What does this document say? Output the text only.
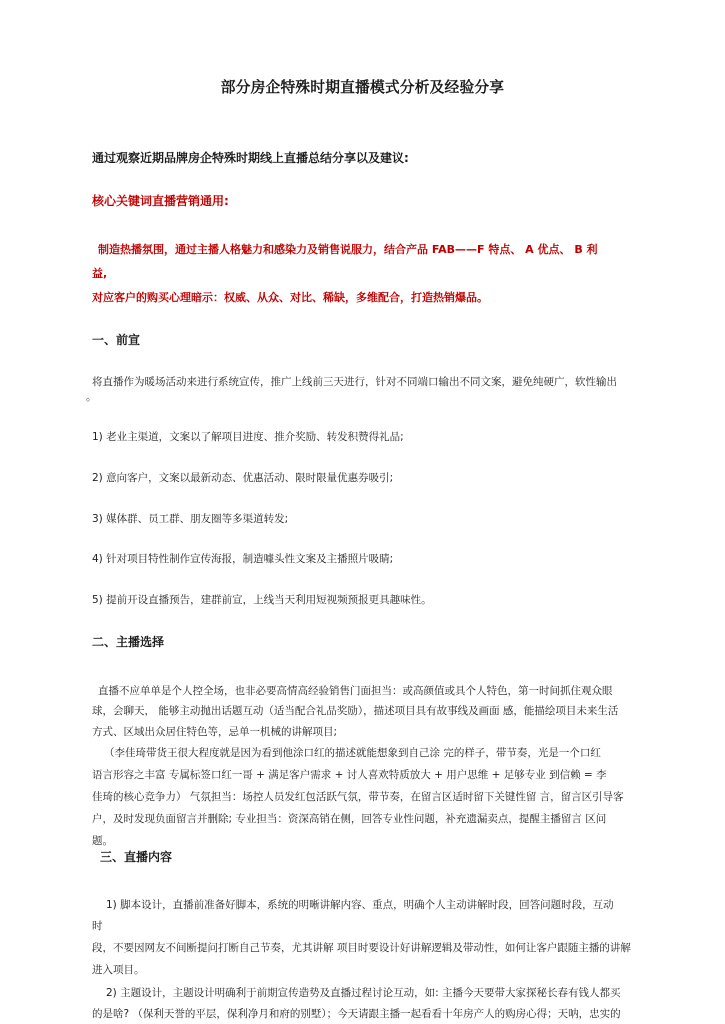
部分房企特殊时期直播模式分析及经验分享
通过观察近期品牌房企特殊时期线上直播总结分享以及建议:
核心关键词直播营销通用:
制造热播氛围，通过主播人格魅力和感染力及销售说服力，结合产品 FAB——F 特点、 A 优点、 B 利
益,
对应客户的购买心理暗示：权威、从众、对比、稀缺，多维配合，打造热销爆品。
一、前宣
将直播作为暖场活动来进行系统宣传，推广上线前三天进行，针对不同端口输出不同文案，避免纯硬广，软性输出
。
1) 老业主渠道，文案以了解项目进度、推介奖励、转发积赞得礼品;
2) 意向客户，文案以最新动态、优惠活动、限时限量优惠券吸引;
3) 媒体群、员工群、朋友圈等多渠道转发;
4) 针对项目特性制作宣传海报，制造噱头性文案及主播照片吸睛;
5) 提前开设直播预告，建群前宣，上线当天利用短视频预报更具趣味性。
二、主播选择
直播不应单单是个人控全场，也非必要高情高经验销售门面担当：或高颜值或具个人特色，第一时间抓住观众眼
球，会聊天， 能够主动抛出话题互动（适当配合礼品奖励），描述项目具有故事线及画面 感，能描绘项目未来生活
方式、区域出众居住特色等，忌单一机械的讲解项目;
（李佳琦带货王很大程度就是因为看到他涂口红的描述就能想象到自己涂 完的样子，带节奏，光是一个口红
语言形容之丰富 专属标签口红一哥 + 满足客户需求 + 讨人喜欢特质放大 + 用户思维 + 足够专业 到信赖 = 李
佳琦的核心竞争力） 气氛担当：场控人员发红包活跃气氛，带节奏，在留言区适时留下关键性留 言，留言区引导客
户，及时发现负面留言并删除; 专业担当：资深高销在侧，回答专业性问题，补充遗漏卖点，提醒主播留言 区问
题。
三、直播内容
1) 脚本设计，直播前准备好脚本，系统的明晰讲解内容、重点，明确个人主动讲解时段，回答问题时段，互动
时
段，不要因网友不间断提问打断自己节奏，尤其讲解 项目时要设计好讲解逻辑及带动性，如何让客户跟随主播的讲解
进入项目。
2) 主题设计，主题设计明确利于前期宣传造势及直播过程讨论互动，如: 主播今天要带大家探秘长春有钱人都买
的是啥? （保利天誉的平层，保利净月和府的别墅）；今天请跟主播一起看看十年房产人的购房心得；天呐，忠实的
